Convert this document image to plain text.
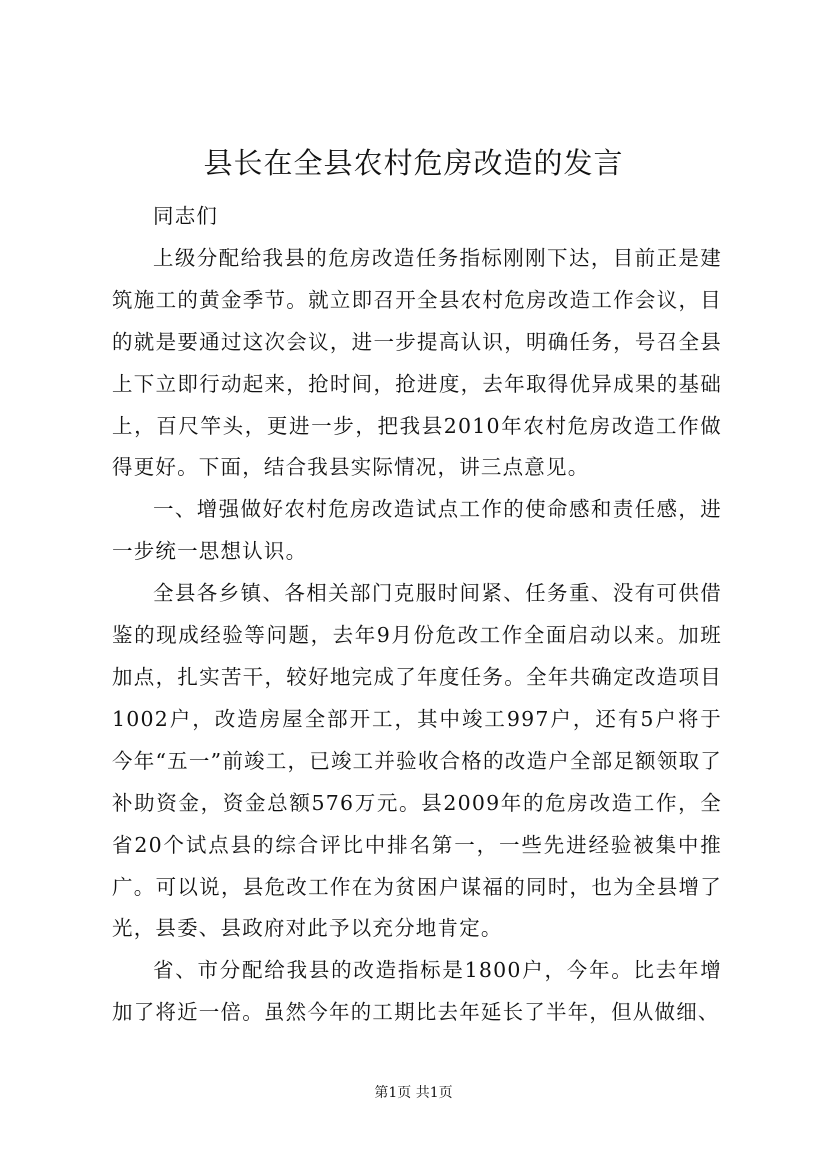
县长在全县农村危房改造的发言

同志们

上级分配给我县的危房改造任务指标刚刚下达，目前正是建筑施工的黄金季节。就立即召开全县农村危房改造工作会议，目的就是要通过这次会议，进一步提高认识，明确任务，号召全县上下立即行动起来，抢时间，抢进度，去年取得优异成果的基础上，百尺竿头，更进一步，把我县2010年农村危房改造工作做得更好。下面，结合我县实际情况，讲三点意见。

一、增强做好农村危房改造试点工作的使命感和责任感，进一步统一思想认识。

全县各乡镇、各相关部门克服时间紧、任务重、没有可供借鉴的现成经验等问题，去年9月份危改工作全面启动以来。加班加点，扎实苦干，较好地完成了年度任务。全年共确定改造项目1002户，改造房屋全部开工，其中竣工997户，还有5户将于今年“五一”前竣工，已竣工并验收合格的改造户全部足额领取了补助资金，资金总额576万元。县2009年的危房改造工作，全省20个试点县的综合评比中排名第一，一些先进经验被集中推广。可以说，县危改工作在为贫困户谋福的同时，也为全县增了光，县委、县政府对此予以充分地肯定。

省、市分配给我县的改造指标是1800户，今年。比去年增加了将近一倍。虽然今年的工期比去年延长了半年，但从做细、

第1页 共1页
